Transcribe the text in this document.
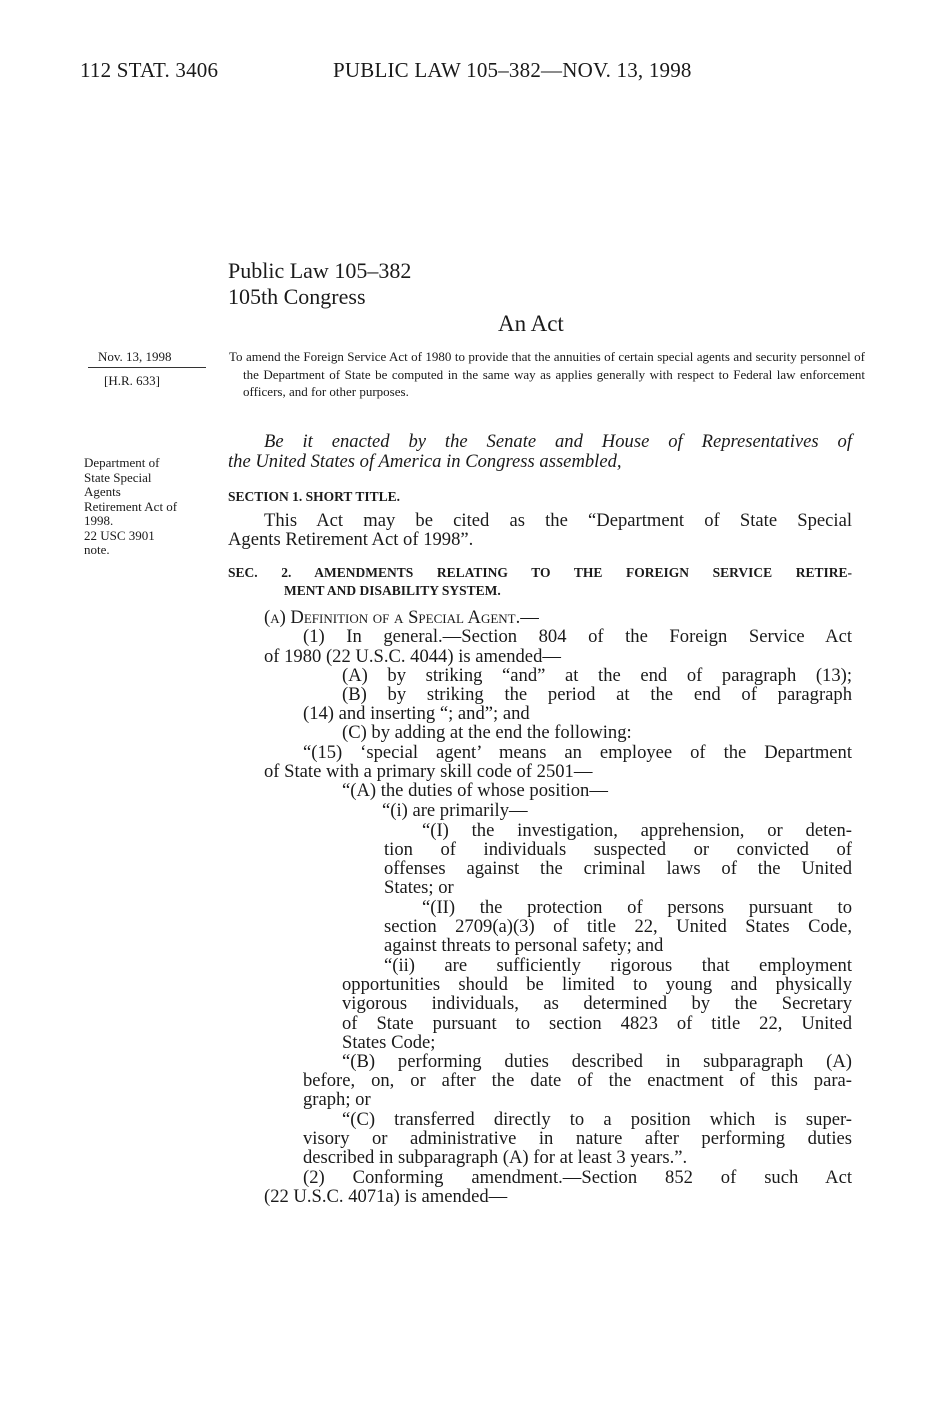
112 STAT. 3406	PUBLIC LAW 105–382—NOV. 13, 1998
Public Law 105–382
105th Congress
An Act
Nov. 13, 1998
[H.R. 633]
Department of
State Special
Agents
Retirement Act of
1998.
22 USC 3901
note.
To amend the Foreign Service Act of 1980 to provide that the annuities of certain special agents and security personnel of the Department of State be computed in the same way as applies generally with respect to Federal law enforcement officers, and for other purposes.
Be it enacted by the Senate and House of Representatives of
the United States of America in Congress assembled,
SECTION 1. SHORT TITLE.
This Act may be cited as the “Department of State Special
Agents Retirement Act of 1998”.
SEC. 2. AMENDMENTS RELATING TO THE FOREIGN SERVICE RETIRE-
MENT AND DISABILITY SYSTEM.
(a) Definition of a Special Agent.—
(1) In general.—Section 804 of the Foreign Service Act
of 1980 (22 U.S.C. 4044) is amended—
(A) by striking “and” at the end of paragraph (13);
(B) by striking the period at the end of paragraph
(14) and inserting “; and”; and
(C) by adding at the end the following:
“(15) ‘special agent’ means an employee of the Department
of State with a primary skill code of 2501—
“(A) the duties of whose position—
“(i) are primarily—
“(I) the investigation, apprehension, or deten-
tion of individuals suspected or convicted of
offenses against the criminal laws of the United
States; or
“(II) the protection of persons pursuant to
section 2709(a)(3) of title 22, United States Code,
against threats to personal safety; and
“(ii) are sufficiently rigorous that employment
opportunities should be limited to young and physically
vigorous individuals, as determined by the Secretary
of State pursuant to section 4823 of title 22, United
States Code;
“(B) performing duties described in subparagraph (A)
before, on, or after the date of the enactment of this para-
graph; or
“(C) transferred directly to a position which is super-
visory or administrative in nature after performing duties
described in subparagraph (A) for at least 3 years.”.
(2) Conforming amendment.—Section 852 of such Act
(22 U.S.C. 4071a) is amended—
